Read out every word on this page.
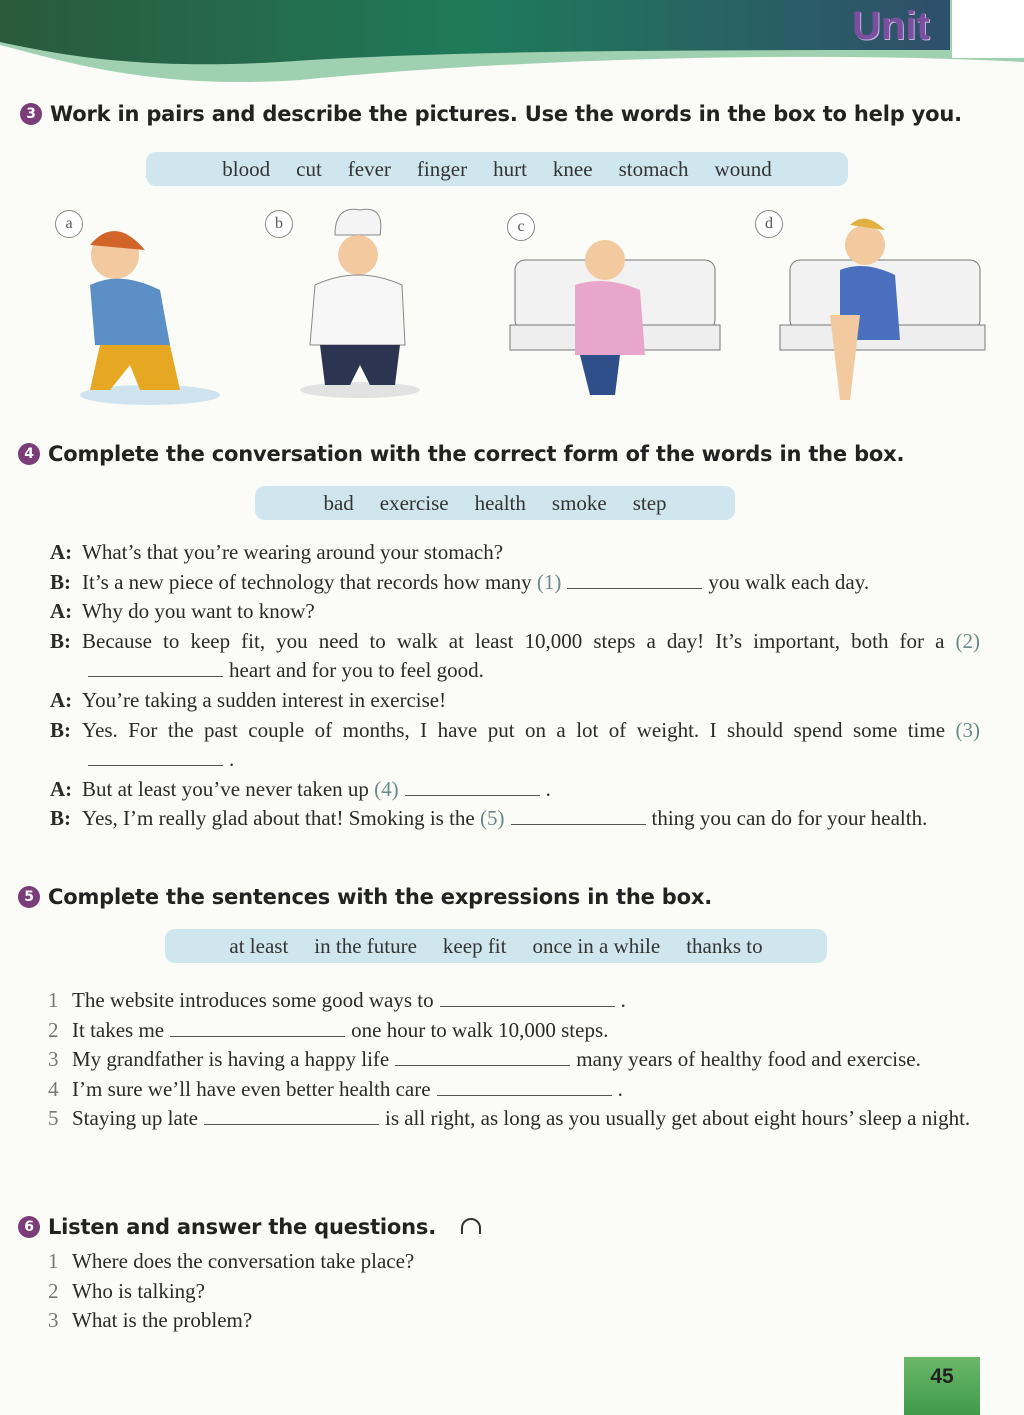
Unit
3 Work in pairs and describe the pictures. Use the words in the box to help you.
blood cut fever finger hurt knee stomach wound
a	b	c	d
4 Complete the conversation with the correct form of the words in the box.
bad exercise health smoke step
A: What’s that you’re wearing around your stomach?
B: It’s a new piece of technology that records how many (1)	you walk each day.
A: Why do you want to know?
B: Because to keep fit, you need to walk at least 10,000 steps a day! It’s important, both for a (2)heart and for you to feel good.
A: You’re taking a sudden interest in exercise!
B: Yes. For the past couple of months, I have put on a lot of weight. I should spend some time (3).
A: But at least you’ve never taken up (4)	.
B: Yes, I’m really glad about that! Smoking is the (5)	thing you can do for your health.
5 Complete the sentences with the expressions in the box.
at least in the future keep fit once in a while thanks to
1 The website introduces some good ways to	.
2 It takes me	one hour to walk 10,000 steps.
3 My grandfather is having a happy life	many years of healthy food and exercise.
4 I’m sure we’ll have even better health care	.
5 Staying up late	is all right, as long as you usually get about eight hours’ sleep a night.
6 Listen and answer the questions.
1 Where does the conversation take place?
2 Who is talking?
3 What is the problem?
45
